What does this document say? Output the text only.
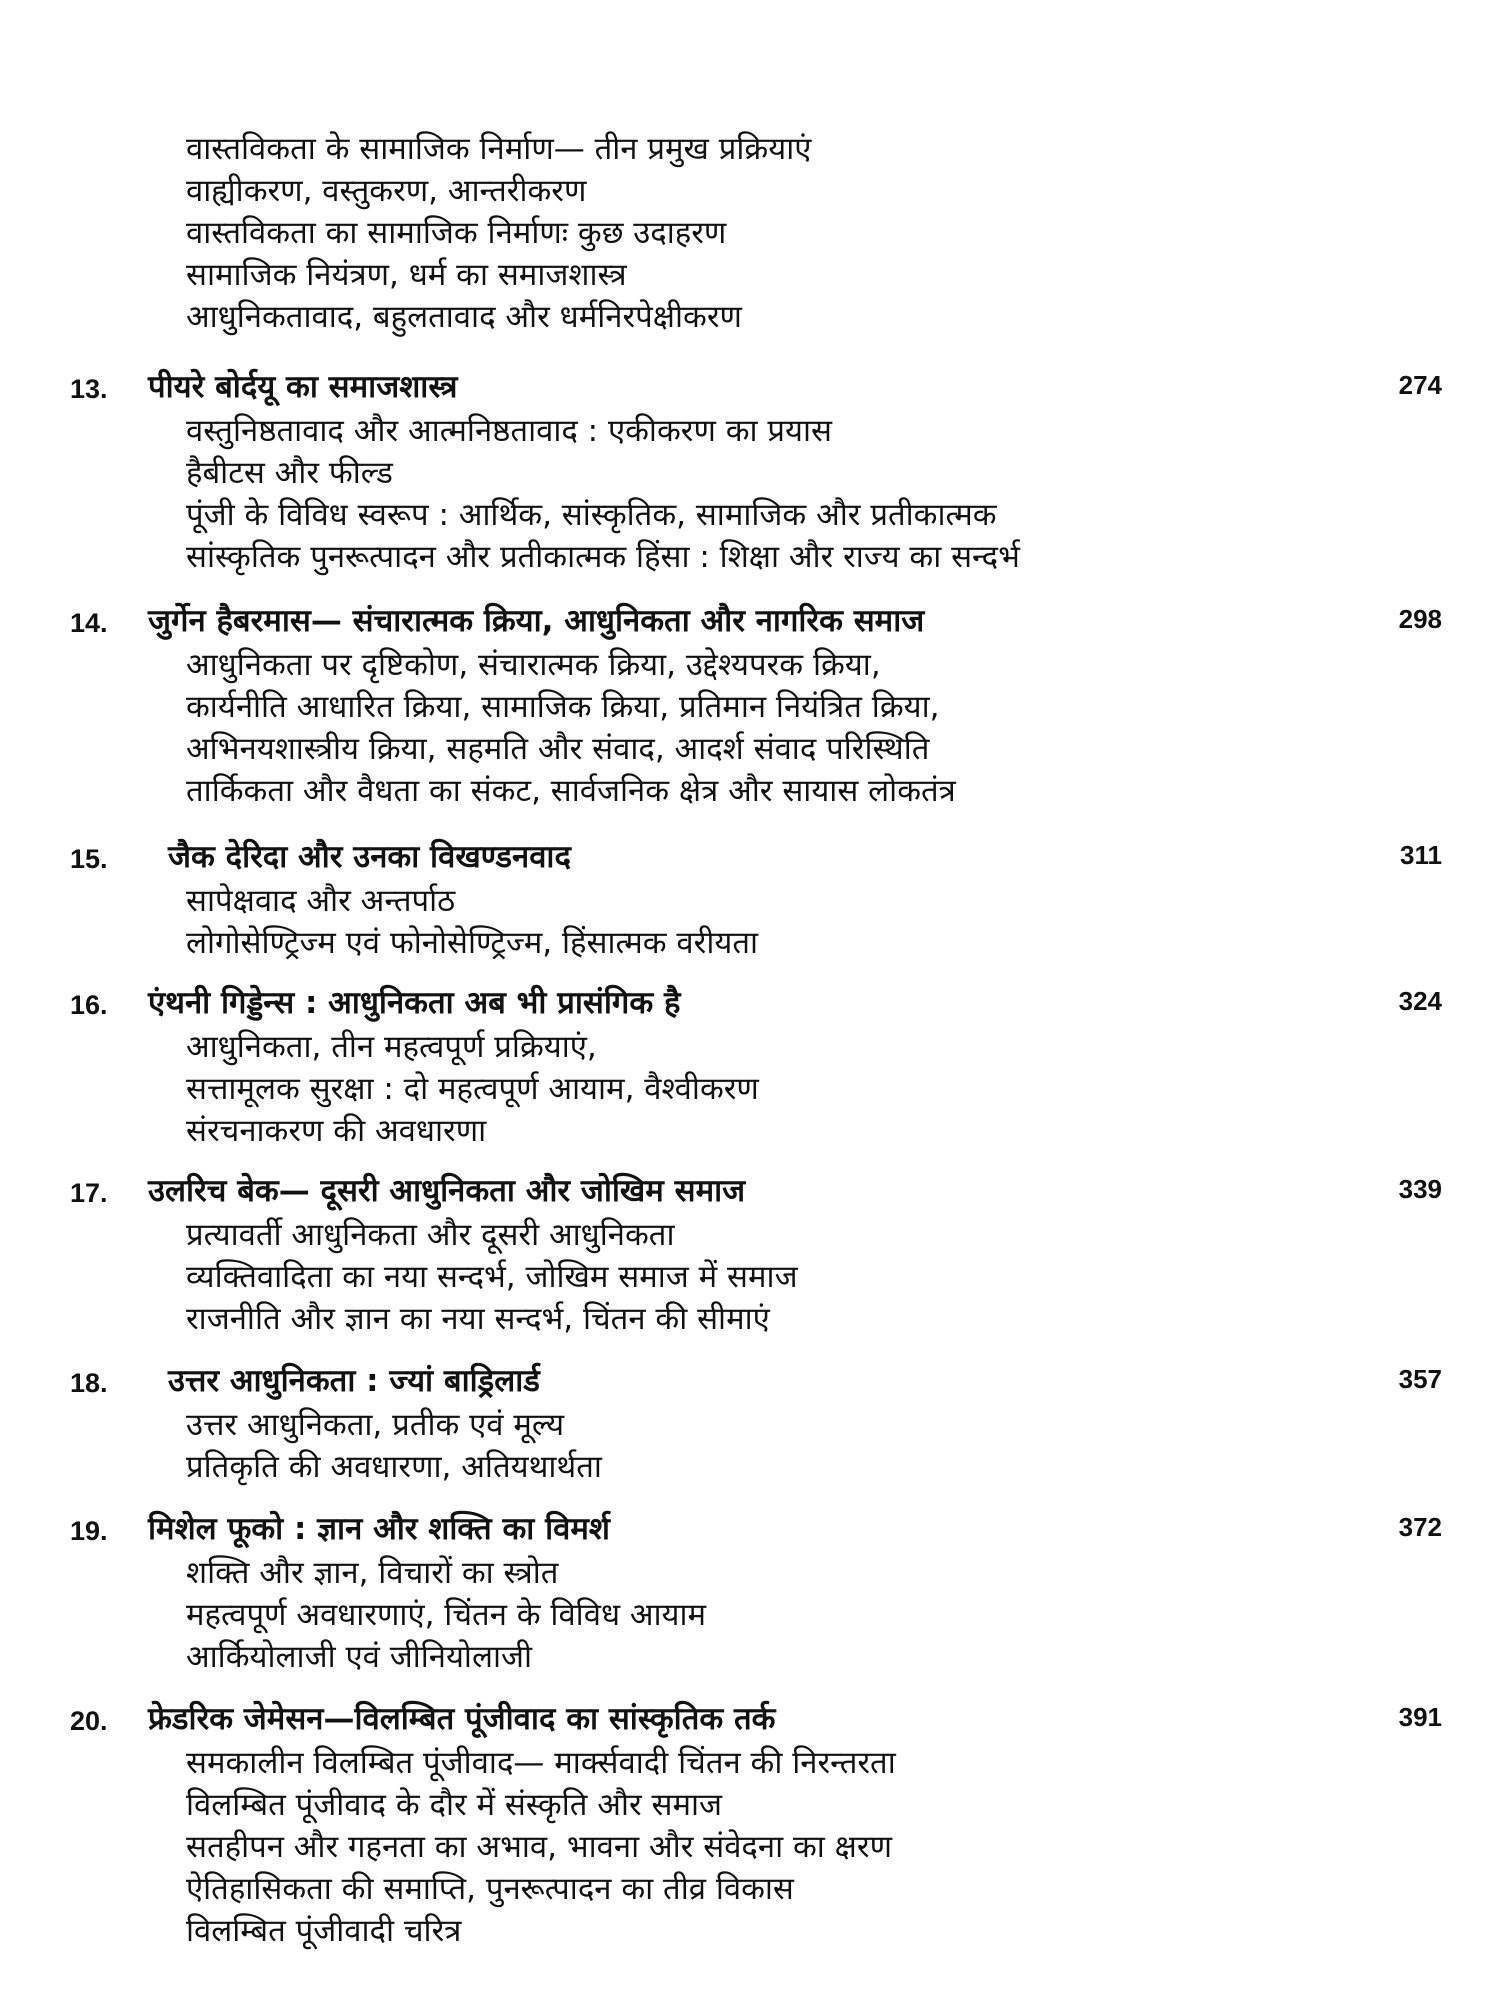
वास्तविकता के सामाजिक निर्माण— तीन प्रमुख प्रक्रियाएं
वाह्यीकरण, वस्तुकरण, आन्तरीकरण
वास्तविकता का सामाजिक निर्माणः कुछ उदाहरण
सामाजिक नियंत्रण, धर्म का समाजशास्त्र
आधुनिकतावाद, बहुलतावाद और धर्मनिरपेक्षीकरण
13. पीयरे बोर्दयू का समाजशास्त्र	274
वस्तुनिष्ठतावाद और आत्मनिष्ठतावाद : एकीकरण का प्रयास
हैबीटस और फील्ड
पूंजी के विविध स्वरूप : आर्थिक, सांस्कृतिक, सामाजिक और प्रतीकात्मक
सांस्कृतिक पुनरूत्पादन और प्रतीकात्मक हिंसा : शिक्षा और राज्य का सन्दर्भ
14. जुर्गेन हैबरमास— संचारात्मक क्रिया, आधुनिकता और नागरिक समाज	298
आधुनिकता पर दृष्टिकोण, संचारात्मक क्रिया, उद्देश्यपरक क्रिया,
कार्यनीति आधारित क्रिया, सामाजिक क्रिया, प्रतिमान नियंत्रित क्रिया,
अभिनयशास्त्रीय क्रिया, सहमति और संवाद, आदर्श संवाद परिस्थिति
तार्किकता और वैधता का संकट, सार्वजनिक क्षेत्र और सायास लोकतंत्र
15. जैक देरिदा और उनका विखण्डनवाद	311
सापेक्षवाद और अन्तर्पाठ
लोगोसेण्ट्रिज्म एवं फोनोसेण्ट्रिज्म, हिंसात्मक वरीयता
16. एंथनी गिड्डेन्स : आधुनिकता अब भी प्रासंगिक है	324
आधुनिकता, तीन महत्वपूर्ण प्रक्रियाएं,
सत्तामूलक सुरक्षा : दो महत्वपूर्ण आयाम, वैश्वीकरण
संरचनाकरण की अवधारणा
17. उलरिच बेक— दूसरी आधुनिकता और जोखिम समाज	339
प्रत्यावर्ती आधुनिकता और दूसरी आधुनिकता
व्यक्तिवादिता का नया सन्दर्भ, जोखिम समाज में समाज
राजनीति और ज्ञान का नया सन्दर्भ, चिंतन की सीमाएं
18. उत्तर आधुनिकता : ज्यां बाड्रिलार्ड	357
उत्तर आधुनिकता, प्रतीक एवं मूल्य
प्रतिकृति की अवधारणा, अतियथार्थता
19. मिशेल फूको : ज्ञान और शक्ति का विमर्श	372
शक्ति और ज्ञान, विचारों का स्त्रोत
महत्वपूर्ण अवधारणाएं, चिंतन के विविध आयाम
आर्कियोलाजी एवं जीनियोलाजी
20. फ्रेडरिक जेमेसन—विलम्बित पूंजीवाद का सांस्कृतिक तर्क	391
समकालीन विलम्बित पूंजीवाद— मार्क्सवादी चिंतन की निरन्तरता
विलम्बित पूंजीवाद के दौर में संस्कृति और समाज
सतहीपन और गहनता का अभाव, भावना और संवेदना का क्षरण
ऐतिहासिकता की समाप्ति, पुनरूत्पादन का तीव्र विकास
विलम्बित पूंजीवादी चरित्र
